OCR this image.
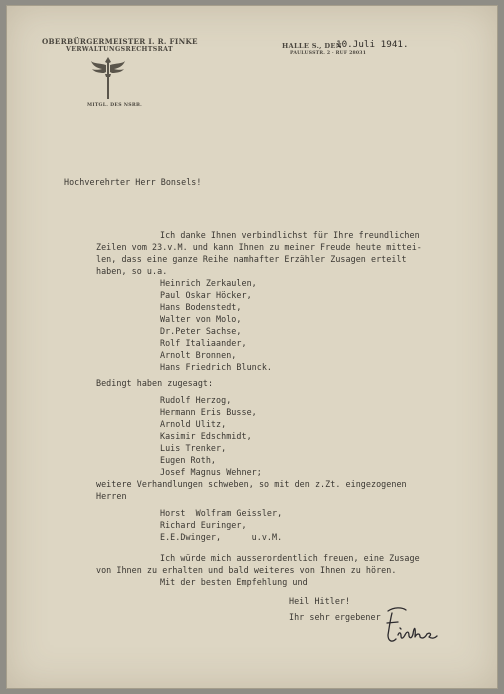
OBERBÜRGERMEISTER I. R. FINKE
VERWALTUNGSRECHTSRAT	HALLE S., DEN
PAULUSSTR. 2 · RUF 28031
MITGL. DES NSRB.
10.Juli 1941.
Hochverehrter Herr Bonsels!
Ich danke Ihnen verbindlichst für Ihre freundlichen
Zeilen vom 23.v.M. und kann Ihnen zu meiner Freude heute mittei-
len, dass eine ganze Reihe namhafter Erzähler Zusagen erteilt
haben, so u.a.
Heinrich Zerkaulen,
Paul Oskar Höcker,
Hans Bodenstedt,
Walter von Molo,
Dr.Peter Sachse,
Rolf Italiaander,
Arnolt Bronnen,
Hans Friedrich Blunck.
Bedingt haben zugesagt:
Rudolf Herzog,
Hermann Eris Busse,
Arnold Ulitz,
Kasimir Edschmidt,
Luis Trenker,
Eugen Roth,
Josef Magnus Wehner;
weitere Verhandlungen schweben, so mit den z.Zt. eingezogenen
Herren
Horst  Wolfram Geissler,
Richard Euringer,
E.E.Dwinger,      u.v.M.
Ich würde mich ausserordentlich freuen, eine Zusage
von Ihnen zu erhalten und bald weiteres von Ihnen zu hören.
Mit der besten Empfehlung und
Heil Hitler!
Ihr sehr ergebener
